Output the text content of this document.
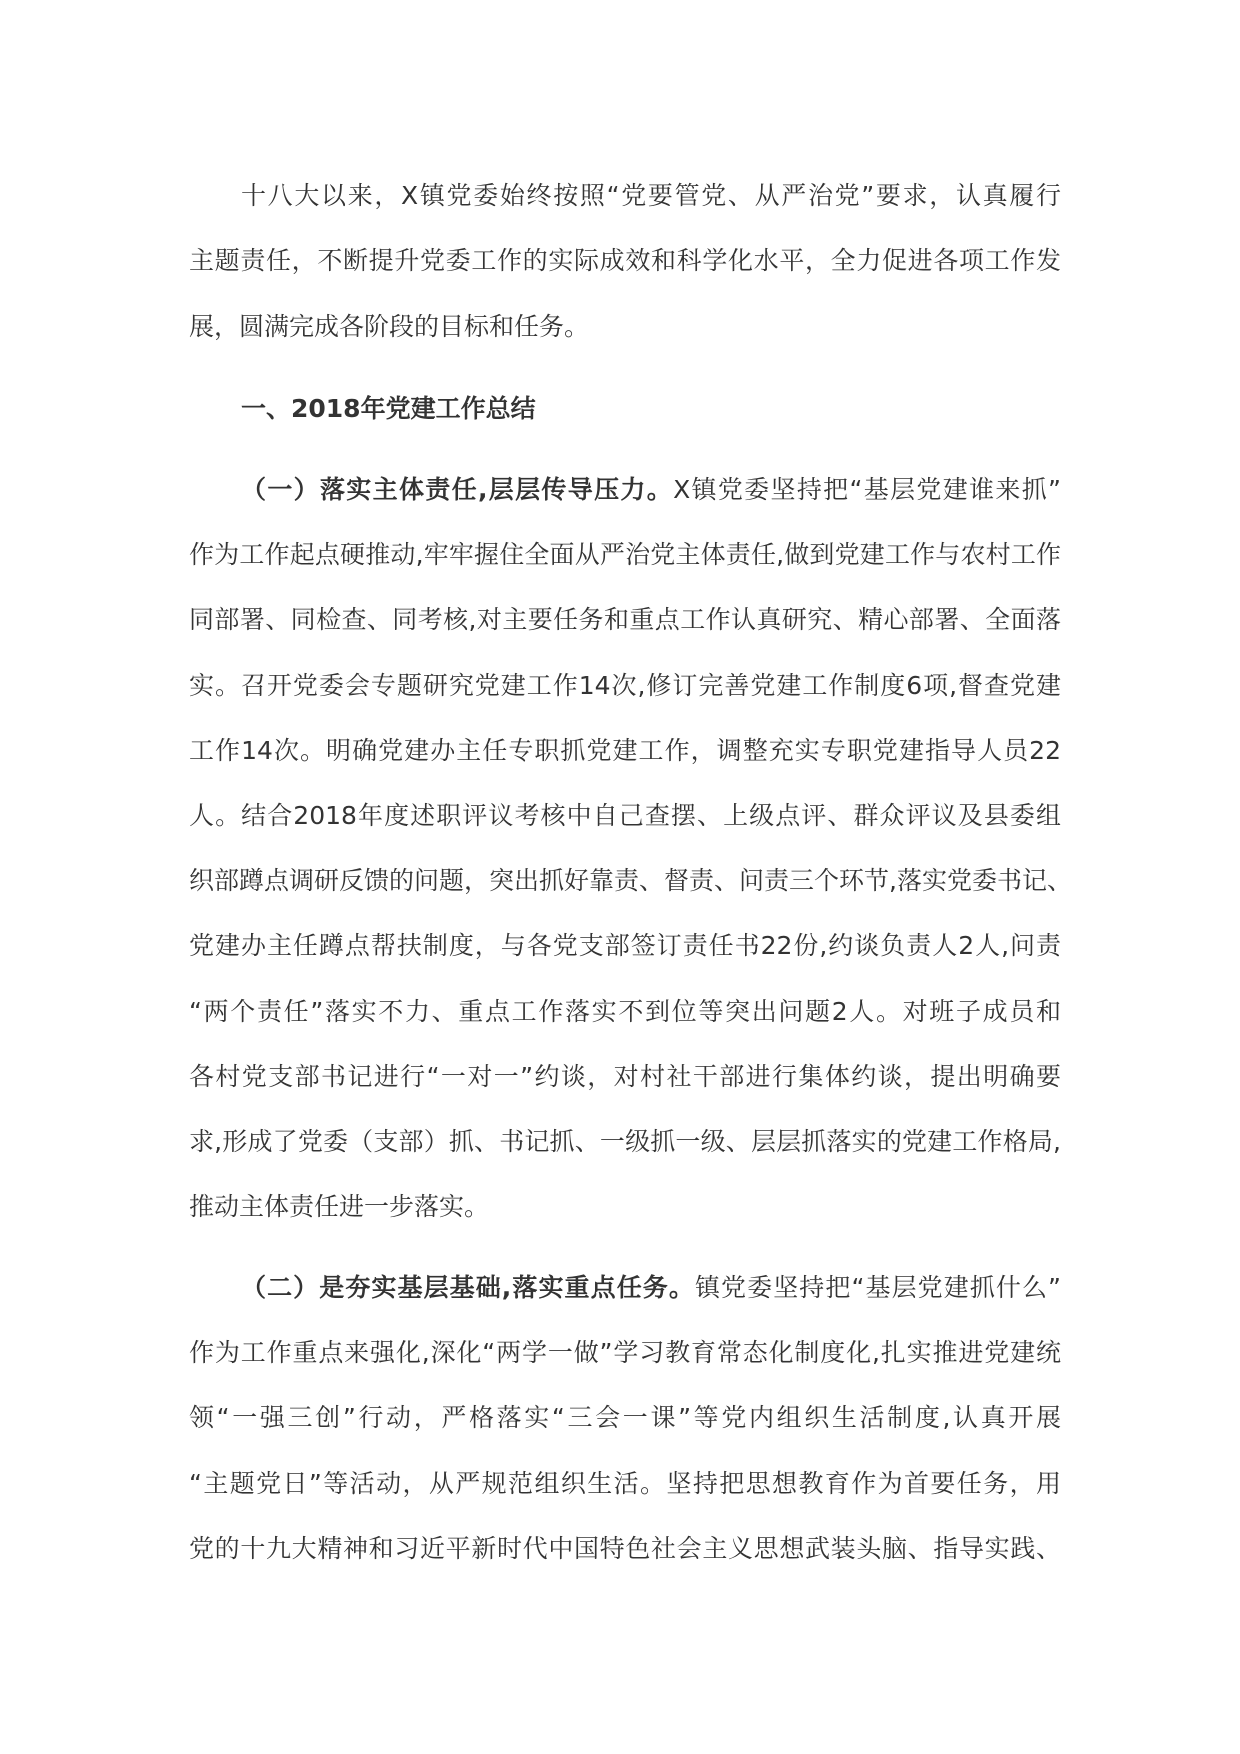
十八大以来，X镇党委始终按照“党要管党、从严治党”要求，认真履行
主题责任，不断提升党委工作的实际成效和科学化水平，全力促进各项工作发
展，圆满完成各阶段的目标和任务。
一、2018年党建工作总结
（一）落实主体责任,层层传导压力。X镇党委坚持把“基层党建谁来抓”
作为工作起点硬推动,牢牢握住全面从严治党主体责任,做到党建工作与农村工作
同部署、同检查、同考核,对主要任务和重点工作认真研究、精心部署、全面落
实。召开党委会专题研究党建工作14次,修订完善党建工作制度6项,督查党建
工作14次。明确党建办主任专职抓党建工作，调整充实专职党建指导人员22
人。结合2018年度述职评议考核中自己查摆、上级点评、群众评议及县委组
织部蹲点调研反馈的问题，突出抓好靠责、督责、问责三个环节,落实党委书记、
党建办主任蹲点帮扶制度，与各党支部签订责任书22份,约谈负责人2人,问责
“两个责任”落实不力、重点工作落实不到位等突出问题2人。对班子成员和
各村党支部书记进行“一对一”约谈，对村社干部进行集体约谈，提出明确要
求,形成了党委（支部）抓、书记抓、一级抓一级、层层抓落实的党建工作格局,
推动主体责任进一步落实。
（二）是夯实基层基础,落实重点任务。镇党委坚持把“基层党建抓什么”
作为工作重点来强化,深化“两学一做”学习教育常态化制度化,扎实推进党建统
领“一强三创”行动，严格落实“三会一课”等党内组织生活制度,认真开展
“主题党日”等活动，从严规范组织生活。坚持把思想教育作为首要任务，用
党的十九大精神和习近平新时代中国特色社会主义思想武装头脑、指导实践、
